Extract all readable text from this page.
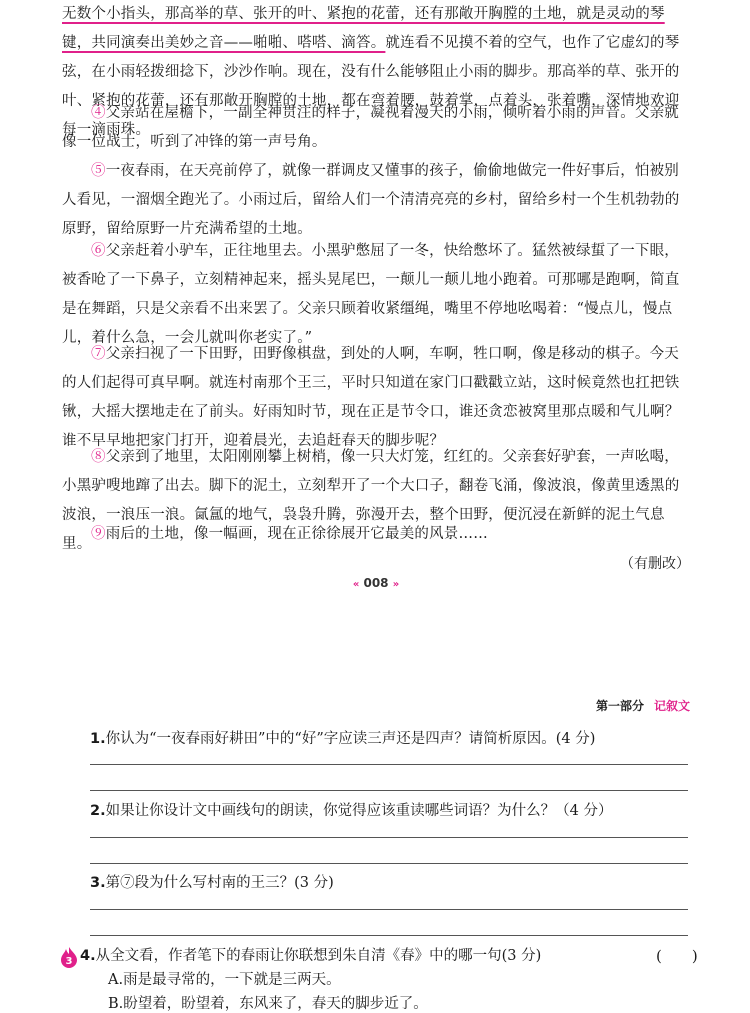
无数个小指头，那高举的草、张开的叶、紧抱的花蕾，还有那敞开胸膛的土地，就是灵动的琴键，共同演奏出美妙之音——啪啪、嗒嗒、滴答。就连看不见摸不着的空气，也作了它虚幻的琴弦，在小雨轻拨细捻下，沙沙作响。现在，没有什么能够阻止小雨的脚步。那高举的草、张开的叶、紧抱的花蕾，还有那敞开胸膛的土地，都在弯着腰，鼓着掌，点着头，张着嘴，深情地欢迎每一滴雨珠。
④父亲站在屋檐下，一副全神贯注的样子，凝视着漫天的小雨，倾听着小雨的声音。父亲就像一位战士，听到了冲锋的第一声号角。
⑤一夜春雨，在天亮前停了，就像一群调皮又懂事的孩子，偷偷地做完一件好事后，怕被别人看见，一溜烟全跑光了。小雨过后，留给人们一个清清亮亮的乡村，留给乡村一个生机勃勃的原野，留给原野一片充满希望的土地。
⑥父亲赶着小驴车，正往地里去。小黑驴憋屈了一冬，快给憋坏了。猛然被绿蜇了一下眼，被香呛了一下鼻子，立刻精神起来，摇头晃尾巴，一颠儿一颠儿地小跑着。可那哪是跑啊，简直是在舞蹈，只是父亲看不出来罢了。父亲只顾着收紧缰绳，嘴里不停地吆喝着：“慢点儿，慢点儿，着什么急，一会儿就叫你老实了。”
⑦父亲扫视了一下田野，田野像棋盘，到处的人啊，车啊，牲口啊，像是移动的棋子。今天的人们起得可真早啊。就连村南那个王三，平时只知道在家门口戳戳立站，这时候竟然也扛把铁锹，大摇大摆地走在了前头。好雨知时节，现在正是节令口，谁还贪恋被窝里那点暖和气儿啊？谁不早早地把家门打开，迎着晨光，去追赶春天的脚步呢？
⑧父亲到了地里，太阳刚刚攀上树梢，像一只大灯笼，红红的。父亲套好驴套，一声吆喝，小黑驴嗖地蹿了出去。脚下的泥土，立刻犁开了一个大口子，翻卷飞涌，像波浪，像黄里透黑的波浪，一浪压一浪。氤氲的地气，袅袅升腾，弥漫开去，整个田野，便沉浸在新鲜的泥土气息里。
⑨雨后的土地，像一幅画，现在正徐徐展开它最美的风景……
（有删改）
« 008 »
第一部分 记叙文
1.你认为“一夜春雨好耕田”中的“好”字应读三声还是四声？请简析原因。(4 分)
2.如果让你设计文中画线句的朗读，你觉得应该重读哪些词语？为什么？（4 分）
3.第⑦段为什么写村南的王三？(3 分)
3 4.从全文看，作者笔下的春雨让你联想到朱自清《春》中的哪一句(3 分)	(　　)
A.雨是最寻常的，一下就是三两天。
B.盼望着，盼望着，东风来了，春天的脚步近了。
